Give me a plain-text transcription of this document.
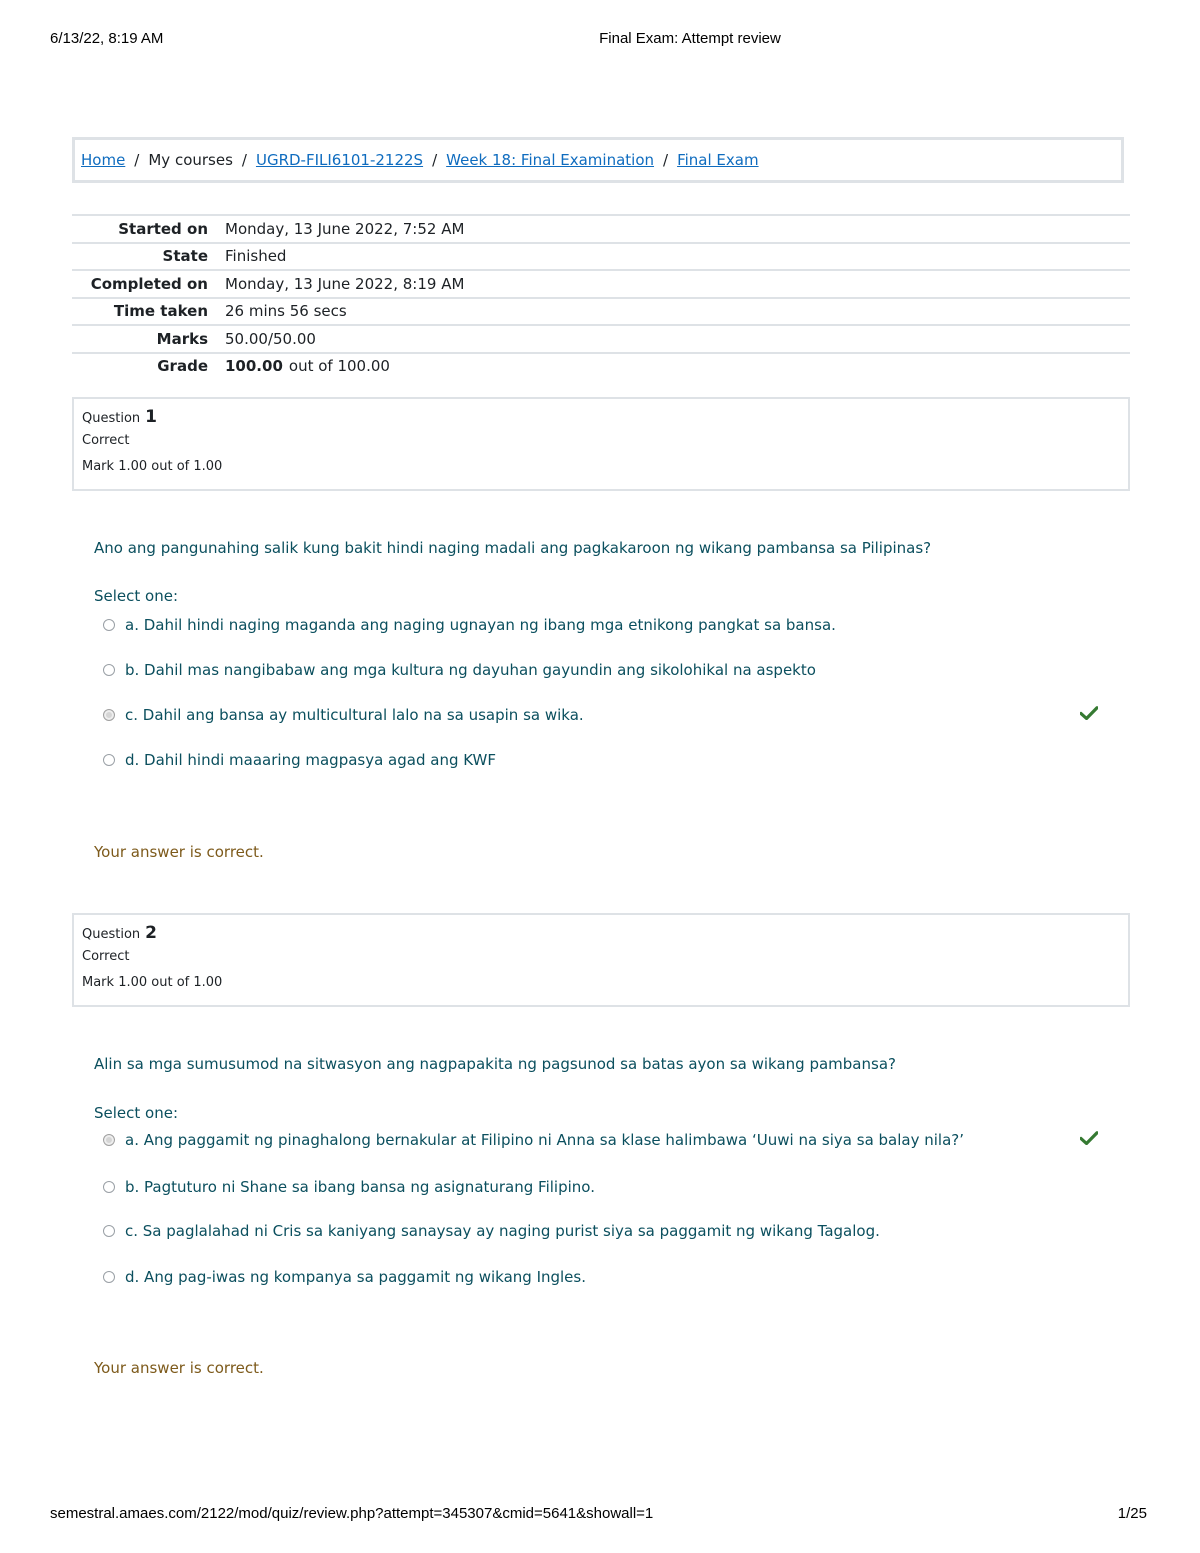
6/13/22, 8:19 AM	Final Exam: Attempt review
Home / My courses / UGRD-FILI6101-2122S / Week 18: Final Examination / Final Exam
Started on	Monday, 13 June 2022, 7:52 AM
State	Finished
Completed on	Monday, 13 June 2022, 8:19 AM
Time taken	26 mins 56 secs
Marks	50.00/50.00
Grade	100.00 out of 100.00
Question 1
Correct
Mark 1.00 out of 1.00
Ano ang pangunahing salik kung bakit hindi naging madali ang pagkakaroon ng wikang pambansa sa Pilipinas?
Select one:
a. Dahil hindi naging maganda ang naging ugnayan ng ibang mga etnikong pangkat sa bansa.
b. Dahil mas nangibabaw ang mga kultura ng dayuhan gayundin ang sikolohikal na aspekto
c. Dahil ang bansa ay multicultural lalo na sa usapin sa wika.
d. Dahil hindi maaaring magpasya agad ang KWF
Your answer is correct.
Question 2
Correct
Mark 1.00 out of 1.00
Alin sa mga sumusumod na sitwasyon ang nagpapakita ng pagsunod sa batas ayon sa wikang pambansa?
Select one:
a. Ang paggamit ng pinaghalong bernakular at Filipino ni Anna sa klase halimbawa ‘Uuwi na siya sa balay nila?’
b. Pagtuturo ni Shane sa ibang bansa ng asignaturang Filipino.
c. Sa paglalahad ni Cris sa kaniyang sanaysay ay naging purist siya sa paggamit ng wikang Tagalog.
d. Ang pag-iwas ng kompanya sa paggamit ng wikang Ingles.
Your answer is correct.
semestral.amaes.com/2122/mod/quiz/review.php?attempt=345307&cmid=5641&showall=1	1/25
